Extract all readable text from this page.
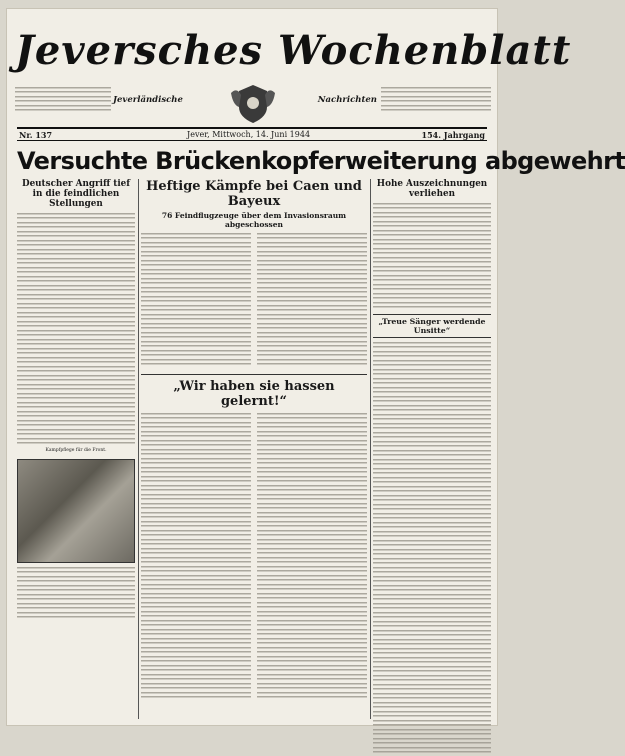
Jeversches Wochenblatt
Jeverländische	Nachrichten
Nr. 137	Jever, Mittwoch, 14. Juni 1944	154. Jahrgang
Versuchte Brückenkopferweiterung abgewehrt
Deutscher Angriff tief in die feindlichen Stellungen
Kampfpflege für die Front.
Heftige Kämpfe bei Caen und Bayeux
76 Feindflugzeuge über dem Invasionsraum abgeschossen
„Wir haben sie hassen gelernt!“
Hohe Auszeichnungen verliehen
„Treue Sänger werdende Unsitte“
